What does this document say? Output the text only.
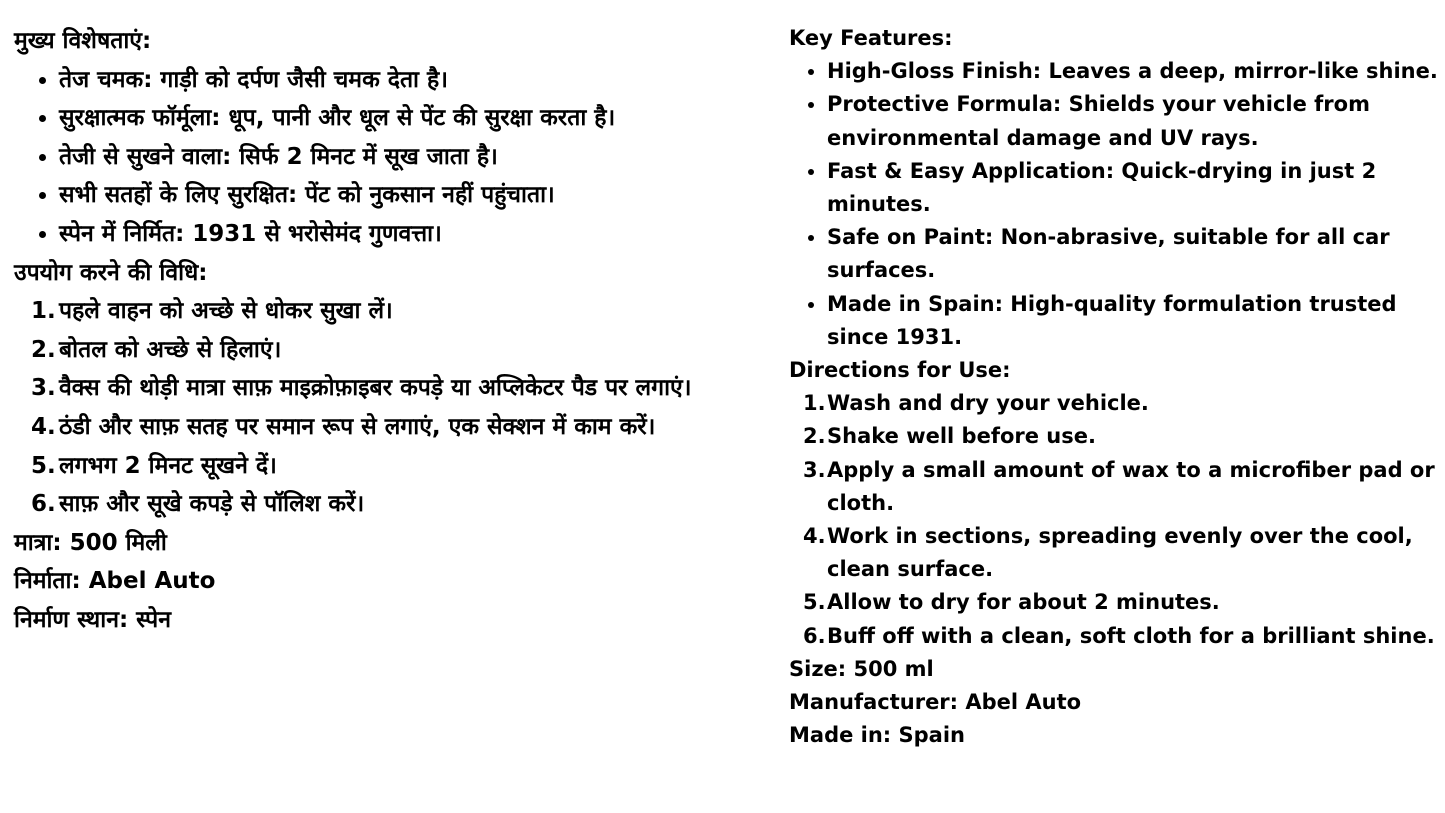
मुख्य विशेषताएं:

• तेज चमक: गाड़ी को दर्पण जैसी चमक देता है।
• सुरक्षात्मक फॉर्मूला: धूप, पानी और धूल से पेंट की सुरक्षा करता है।
• तेजी से सुखने वाला: सिर्फ 2 मिनट में सूख जाता है।
• सभी सतहों के लिए सुरक्षित: पेंट को नुकसान नहीं पहुंचाता।
• स्पेन में निर्मित: 1931 से भरोसेमंद गुणवत्ता।

उपयोग करने की विधि:

1. पहले वाहन को अच्छे से धोकर सुखा लें।
2. बोतल को अच्छे से हिलाएं।
3. वैक्स की थोड़ी मात्रा साफ़ माइक्रोफ़ाइबर कपड़े या अप्लिकेटर पैड पर लगाएं।
4. ठंडी और साफ़ सतह पर समान रूप से लगाएं, एक सेक्शन में काम करें।
5. लगभग 2 मिनट सूखने दें।
6. साफ़ और सूखे कपड़े से पॉलिश करें।

मात्रा: 500 मिली

निर्माता: Abel Auto

निर्माण स्थान: स्पेन

Key Features:

• High-Gloss Finish: Leaves a deep, mirror-like shine.
• Protective Formula: Shields your vehicle from environmental damage and UV rays.
• Fast & Easy Application: Quick-drying in just 2 minutes.
• Safe on Paint: Non-abrasive, suitable for all car surfaces.
• Made in Spain: High-quality formulation trusted since 1931.

Directions for Use:

1. Wash and dry your vehicle.
2. Shake well before use.
3. Apply a small amount of wax to a microfiber pad or cloth.
4. Work in sections, spreading evenly over the cool, clean surface.
5. Allow to dry for about 2 minutes.
6. Buff off with a clean, soft cloth for a brilliant shine.

Size: 500 ml

Manufacturer: Abel Auto

Made in: Spain
